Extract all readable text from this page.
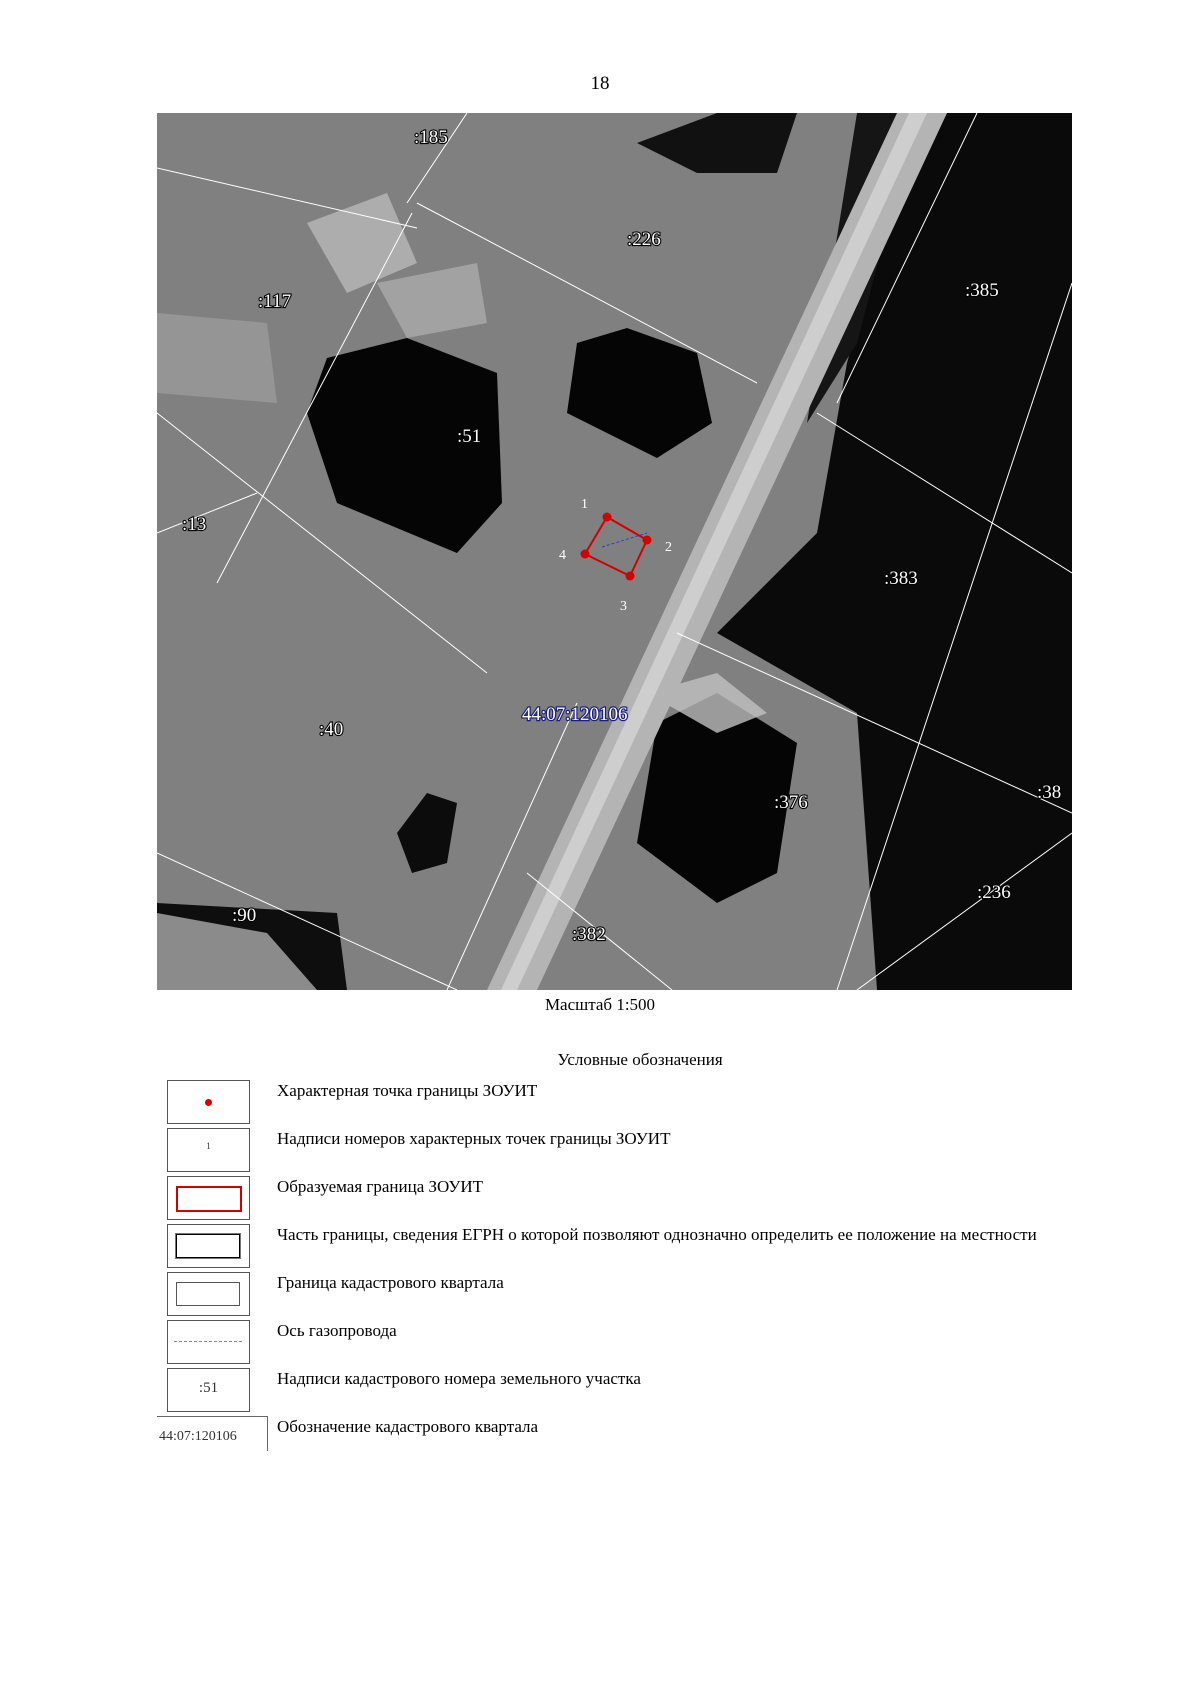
18
1
2
3
4
:185
:226
:117
:385
:51
:13
:383
:40
:376	:38
:236
:90
:382
44:07:120106
Масштаб 1:500
Условные обозначения
Характерная точка границы ЗОУИТ
1	Надписи номеров характерных точек границы ЗОУИТ
Образуемая граница ЗОУИТ
Часть границы, сведения ЕГРН о которой позволяют однозначно определить ее положение на местности
Граница кадастрового квартала
Ось газопровода
:51	Надписи кадастрового номера земельного участка
44:07:120106
Обозначение кадастрового квартала
